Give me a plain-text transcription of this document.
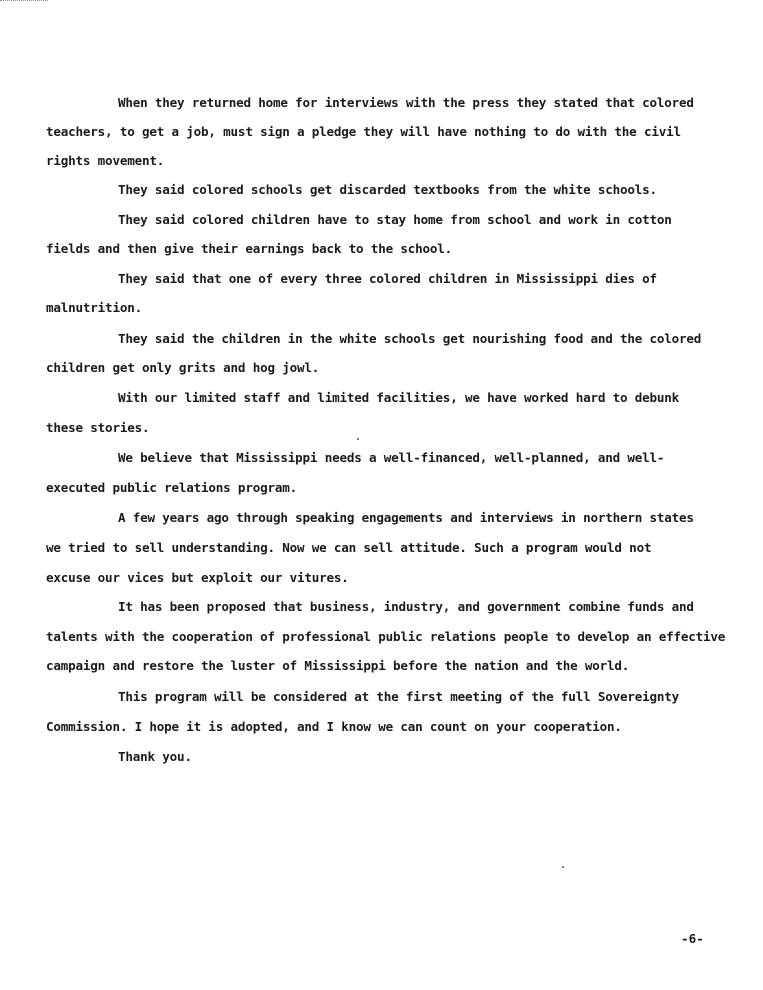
When they returned home for interviews with the press they stated that colored
teachers, to get a job, must sign a pledge they will have nothing to do with the civil
rights movement.
They said colored schools get discarded textbooks from the white schools.
They said colored children have to stay home from school and work in cotton
fields and then give their earnings back to the school.
They said that one of every three colored children in Mississippi dies of
malnutrition.
They said the children in the white schools get nourishing food and the colored
children get only grits and hog jowl.
With our limited staff and limited facilities, we have worked hard to debunk
these stories.
We believe that Mississippi needs a well-financed, well-planned, and well-
executed public relations program.
A few years ago through speaking engagements and interviews in northern states
we tried to sell understanding. Now we can sell attitude. Such a program would not
excuse our vices but exploit our vitures.
It has been proposed that business, industry, and government combine funds and
talents with the cooperation of professional public relations people to develop an effective
campaign and restore the luster of Mississippi before the nation and the world.
This program will be considered at the first meeting of the full Sovereignty
Commission. I hope it is adopted, and I know we can count on your cooperation.
Thank you.
-6-
